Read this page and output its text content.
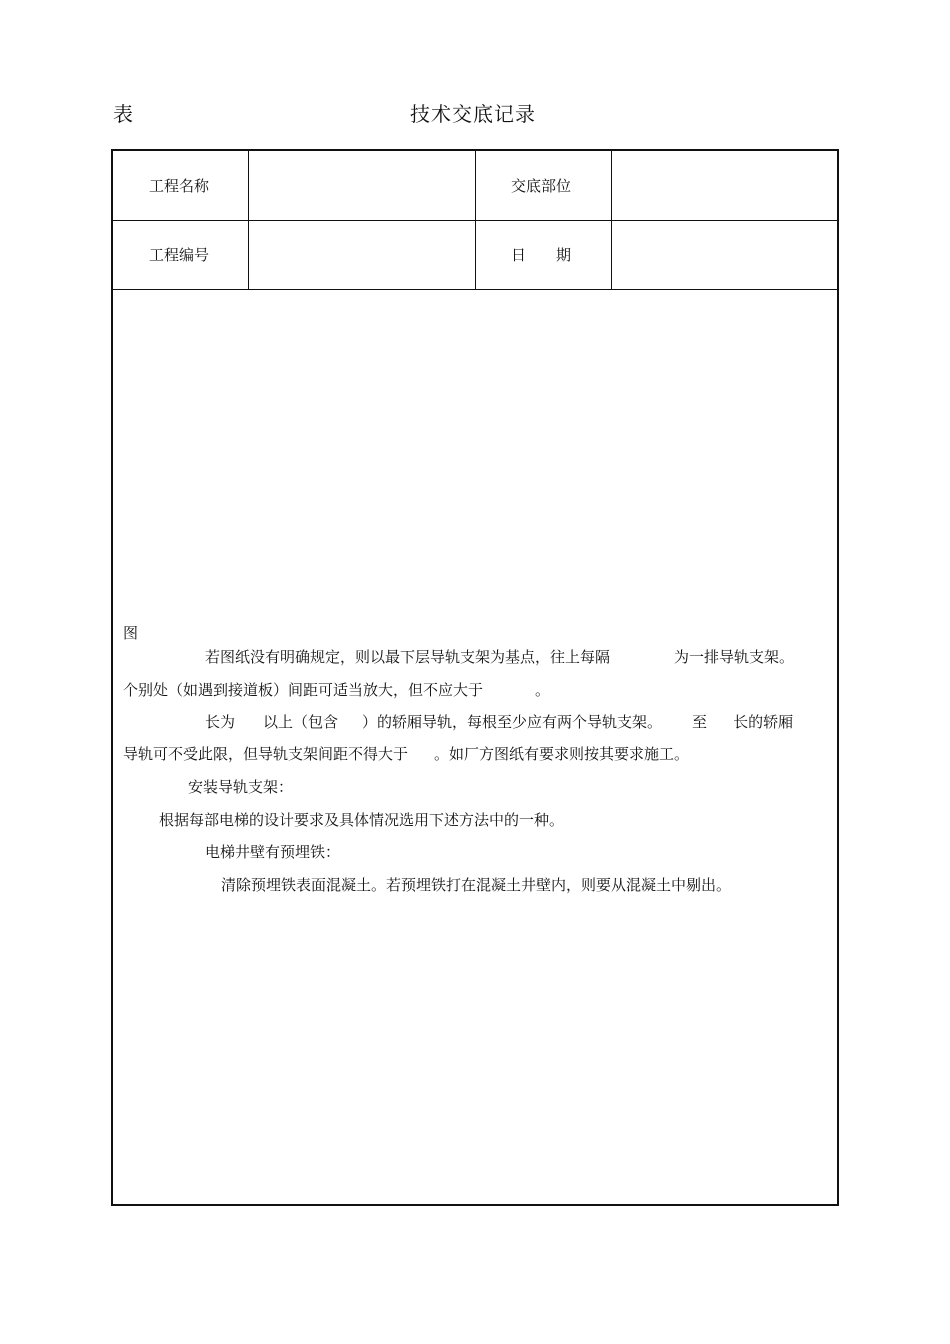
表	技术交底记录
工程名称	交底部位
工程编号	日　　期
图
若图纸没有明确规定，则以最下层导轨支架为基点，往上每隔	为一排导轨支架。
个别处（如遇到接道板）间距可适当放大，但不应大于	。
长为 以上（包含 ）的轿厢导轨，每根至少应有两个导轨支架。 至 长的轿厢
导轨可不受此限，但导轨支架间距不得大于 。如厂方图纸有要求则按其要求施工。
安装导轨支架：
根据每部电梯的设计要求及具体情况选用下述方法中的一种。
电梯井壁有预埋铁：
清除预埋铁表面混凝土。若预埋铁打在混凝土井壁内，则要从混凝土中剔出。
